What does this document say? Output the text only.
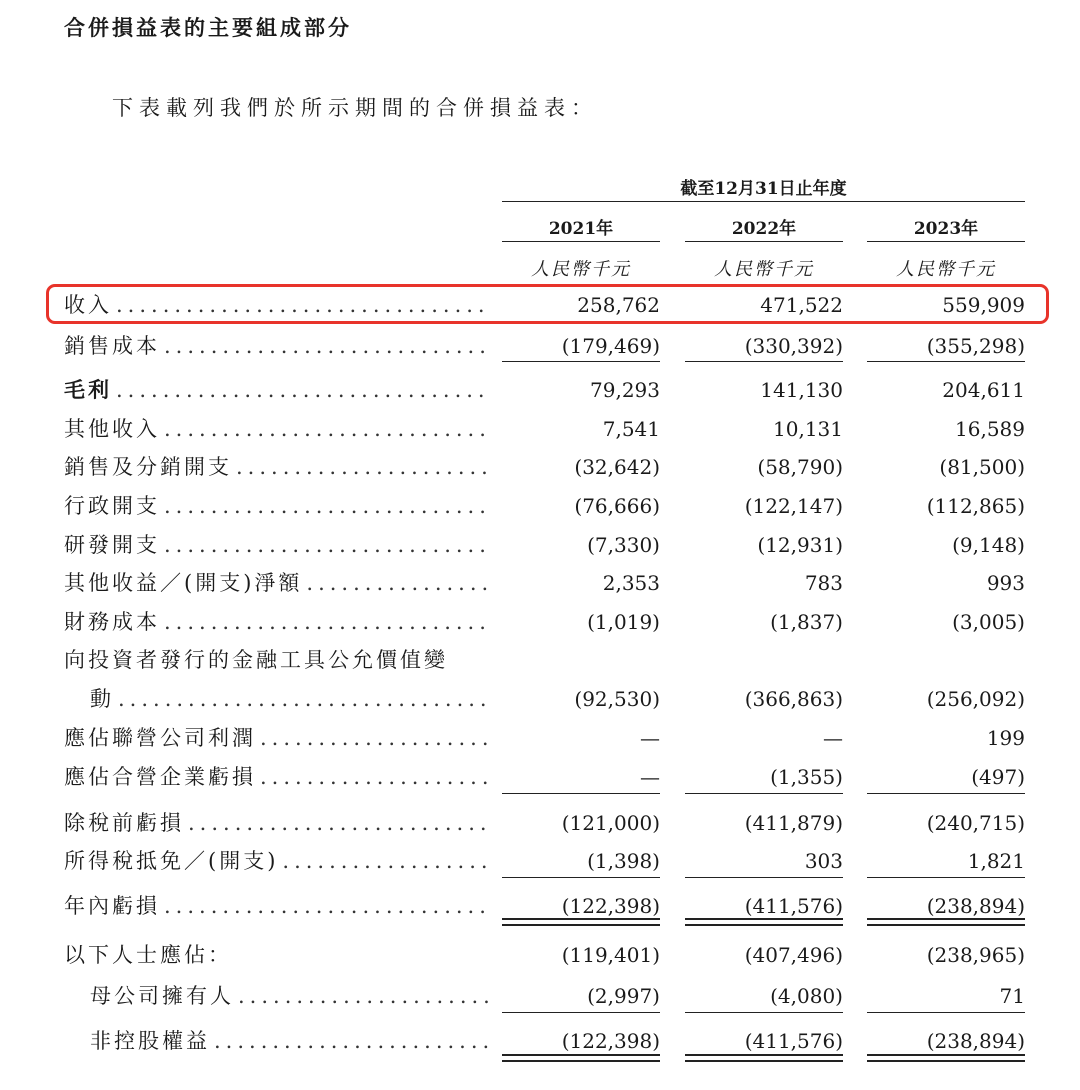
合併損益表的主要組成部分
下表載列我們於所示期間的合併損益表：
截至12月31日止年度
2021年	2022年	2023年
人民幣千元	人民幣千元	人民幣千元
收入 .....	258,762	471,522	559,909
銷售成本 .....	(179,469)	(330,392)	(355,298)
毛利 .....	79,293	141,130	204,611
其他收入 .....	7,541	10,131	16,589
銷售及分銷開支 .....	(32,642)	(58,790)	(81,500)
行政開支 .....	(76,666)	(122,147)	(112,865)
研發開支 .....	(7,330)	(12,931)	(9,148)
其他收益／(開支)淨額 .....	2,353	783	993
財務成本 .....	(1,019)	(1,837)	(3,005)
向投資者發行的金融工具公允價值變
動 .....	(92,530)	(366,863)	(256,092)
應佔聯營公司利潤 .....	—	—	199
應佔合營企業虧損 .....	—	(1,355)	(497)
除稅前虧損 .....	(121,000)	(411,879)	(240,715)
所得稅抵免／(開支) .....	(1,398)	303	1,821
年內虧損 .....	(122,398)	(411,576)	(238,894)
以下人士應佔：	(119,401)	(407,496)	(238,965)
母公司擁有人 .....	(2,997)	(4,080)	71
非控股權益 .....	(122,398)	(411,576)	(238,894)
